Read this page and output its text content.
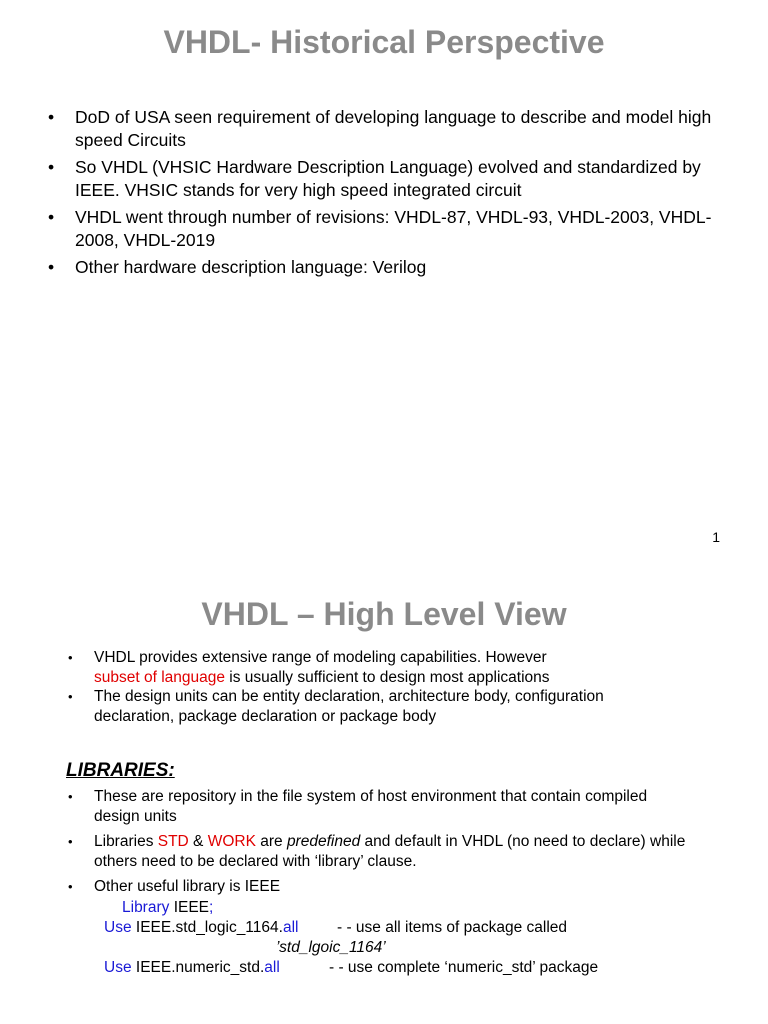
VHDL- Historical Perspective
• DoD of USA seen requirement of developing language to describe and model high speed Circuits
• So VHDL (VHSIC Hardware Description Language) evolved and standardized by IEEE. VHSIC stands for very high speed integrated circuit
• VHDL went through number of revisions: VHDL-87, VHDL-93, VHDL-2003, VHDL-2008, VHDL-2019
• Other hardware description language: Verilog
1
VHDL – High Level View
• VHDL provides extensive range of modeling capabilities. However
subset of language is usually sufficient to design most applications
• The design units can be entity declaration, architecture body, configuration declaration, package declaration or package body
LIBRARIES:
• These are repository in the file system of host environment that contain compiled design units
• Libraries STD & WORK are predefined and default in VHDL (no need to declare) while others need to be declared with ‘library’ clause.
• Other useful library is IEEE
Library IEEE;
Use IEEE.std_logic_1164.all - - use all items of package called
’std_lgoic_1164’
Use IEEE.numeric_std.all	- - use complete ‘numeric_std’ package
